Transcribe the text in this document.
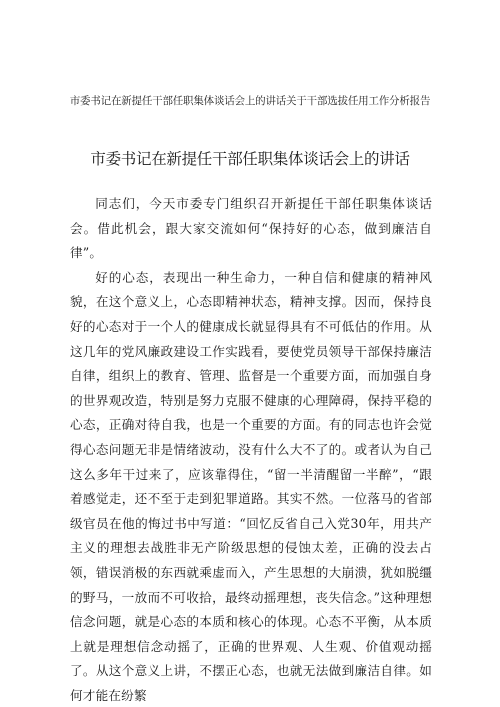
市委书记在新提任干部任职集体谈话会上的讲话关于干部选拔任用工作分析报告
市委书记在新提任干部任职集体谈话会上的讲话

同志们，今天市委专门组织召开新提任干部任职集体谈话会。借此机会，跟大家交流如何“保持好的心态，做到廉洁自律”。

好的心态，表现出一种生命力，一种自信和健康的精神风貌，在这个意义上，心态即精神状态，精神支撑。因而，保持良好的心态对于一个人的健康成长就显得具有不可低估的作用。从这几年的党风廉政建设工作实践看，要使党员领导干部保持廉洁自律，组织上的教育、管理、监督是一个重要方面，而加强自身的世界观改造，特别是努力克服不健康的心理障碍，保持平稳的心态，正确对待自我，也是一个重要的方面。有的同志也许会觉得心态问题无非是情绪波动，没有什么大不了的。或者认为自己这么多年干过来了，应该靠得住，“留一半清醒留一半醉”，“跟着感觉走，还不至于走到犯罪道路。其实不然。一位落马的省部级官员在他的悔过书中写道：“回忆反省自己入党30年，用共产主义的理想去战胜非无产阶级思想的侵蚀太差，正确的没去占领，错误消极的东西就乘虚而入，产生思想的大崩溃，犹如脱缰的野马，一放而不可收拾，最终动摇理想，丧失信念。”这种理想信念问题，就是心态的本质和核心的体现。心态不平衡，从本质上就是理想信念动摇了，正确的世界观、人生观、价值观动摇了。从这个意义上讲，不摆正心态，也就无法做到廉洁自律。如何才能在纷繁
